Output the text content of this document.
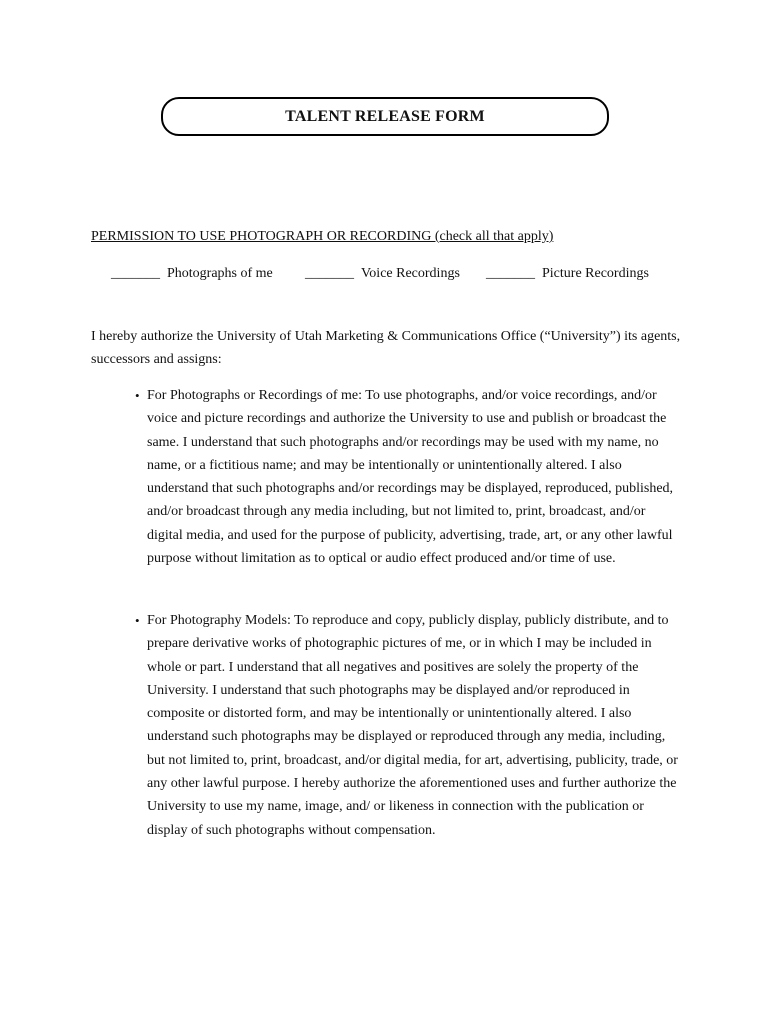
TALENT RELEASE FORM
PERMISSION TO USE PHOTOGRAPH OR RECORDING (check all that apply)
_______ Photographs of me _______ Voice Recordings _______ Picture Recordings
I hereby authorize the University of Utah Marketing & Communications Office (“University”) its agents, successors and assigns:
• For Photographs or Recordings of me: To use photographs, and/or voice recordings, and/or voice and picture recordings and authorize the University to use and publish or broadcast the same. I understand that such photographs and/or recordings may be used with my name, no name, or a fictitious name; and may be intentionally or unintentionally altered. I also understand that such photographs and/or recordings may be displayed, reproduced, published, and/or broadcast through any media including, but not limited to, print, broadcast, and/or digital media, and used for the purpose of publicity, advertising, trade, art, or any other lawful purpose without limitation as to optical or audio effect produced and/or time of use.
• For Photography Models: To reproduce and copy, publicly display, publicly distribute, and to prepare derivative works of photographic pictures of me, or in which I may be included in whole or part. I understand that all negatives and positives are solely the property of the University. I understand that such photographs may be displayed and/or reproduced in composite or distorted form, and may be intentionally or unintentionally altered. I also understand such photographs may be displayed or reproduced through any media, including, but not limited to, print, broadcast, and/or digital media, for art, advertising, publicity, trade, or any other lawful purpose. I hereby authorize the aforementioned uses and further authorize the University to use my name, image, and/ or likeness in connection with the publication or display of such photographs without compensation.
